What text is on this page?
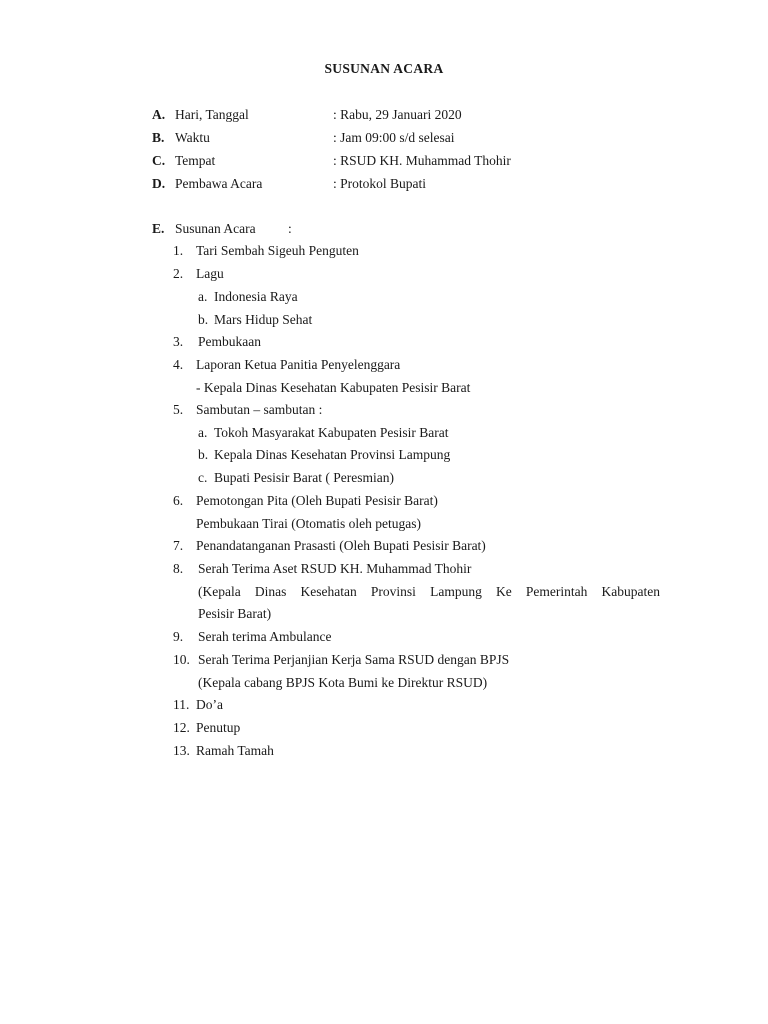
SUSUNAN ACARA
A. Hari, Tanggal	: Rabu, 29 Januari 2020
B. Waktu	: Jam 09:00 s/d selesai
C. Tempat	: RSUD KH. Muhammad Thohir
D. Pembawa Acara	: Protokol Bupati
E. Susunan Acara :
1. Tari Sembah Sigeuh Penguten
2. Lagu
a. Indonesia Raya
b. Mars Hidup Sehat
3. Pembukaan
4. Laporan Ketua Panitia Penyelenggara
- Kepala Dinas Kesehatan Kabupaten Pesisir Barat
5. Sambutan – sambutan :
a. Tokoh Masyarakat Kabupaten Pesisir Barat
b. Kepala Dinas Kesehatan Provinsi Lampung
c. Bupati Pesisir Barat ( Peresmian)
6. Pemotongan Pita (Oleh Bupati Pesisir Barat)
Pembukaan Tirai (Otomatis oleh petugas)
7. Penandatanganan Prasasti (Oleh Bupati Pesisir Barat)
8. Serah Terima Aset RSUD KH. Muhammad Thohir
(Kepala Dinas Kesehatan Provinsi Lampung Ke Pemerintah Kabupaten
Pesisir Barat)
9. Serah terima Ambulance
10. Serah Terima Perjanjian Kerja Sama RSUD dengan BPJS
(Kepala cabang BPJS Kota Bumi ke Direktur RSUD)
11. Do’a
12. Penutup
13. Ramah Tamah
